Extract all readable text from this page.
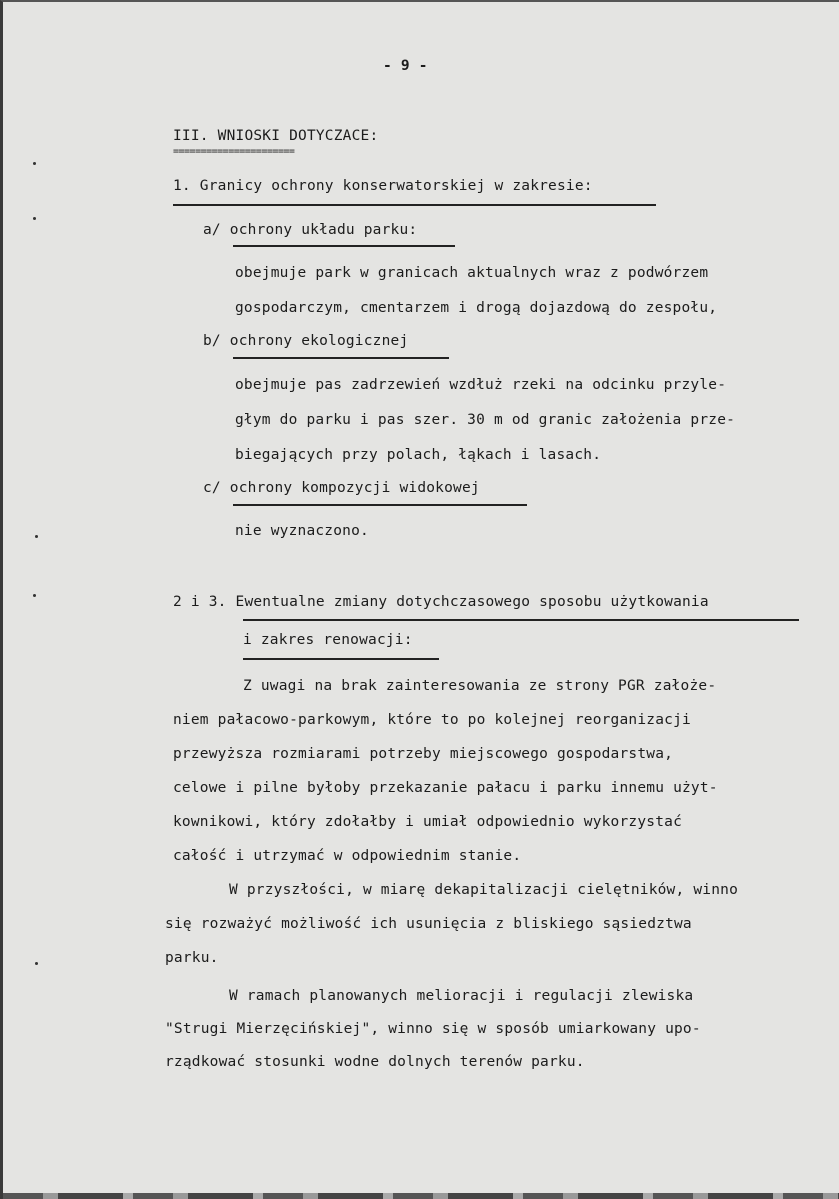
- 9 -
III. WNIOSKI DOTYCZACE:
======================
1. Granicy ochrony konserwatorskiej w zakresie:
a/ ochrony układu parku:
obejmuje park w granicach aktualnych wraz z podwórzem
gospodarczym, cmentarzem i drogą dojazdową do zespołu,
b/ ochrony ekologicznej
obejmuje pas zadrzewień wzdłuż rzeki na odcinku przyle-
głym do parku i pas szer. 30 m od granic założenia prze-
biegających przy polach, łąkach i lasach.
c/ ochrony kompozycji widokowej
nie wyznaczono.
2 i 3. Ewentualne zmiany dotychczasowego sposobu użytkowania
i zakres renowacji:
Z uwagi na brak zainteresowania ze strony PGR założe-
niem pałacowo-parkowym, które to po kolejnej reorganizacji
przewyższa rozmiarami potrzeby miejscowego gospodarstwa,
celowe i pilne byłoby przekazanie pałacu i parku innemu użyt-
kownikowi, który zdołałby i umiał odpowiednio wykorzystać
całość i utrzymać w odpowiednim stanie.
W przyszłości, w miarę dekapitalizacji cielętników, winno
się rozważyć możliwość ich usunięcia z bliskiego sąsiedztwa
parku.
W ramach planowanych melioracji i regulacji zlewiska
"Strugi Mierzęcińskiej", winno się w sposób umiarkowany upo-
rządkować stosunki wodne dolnych terenów parku.
